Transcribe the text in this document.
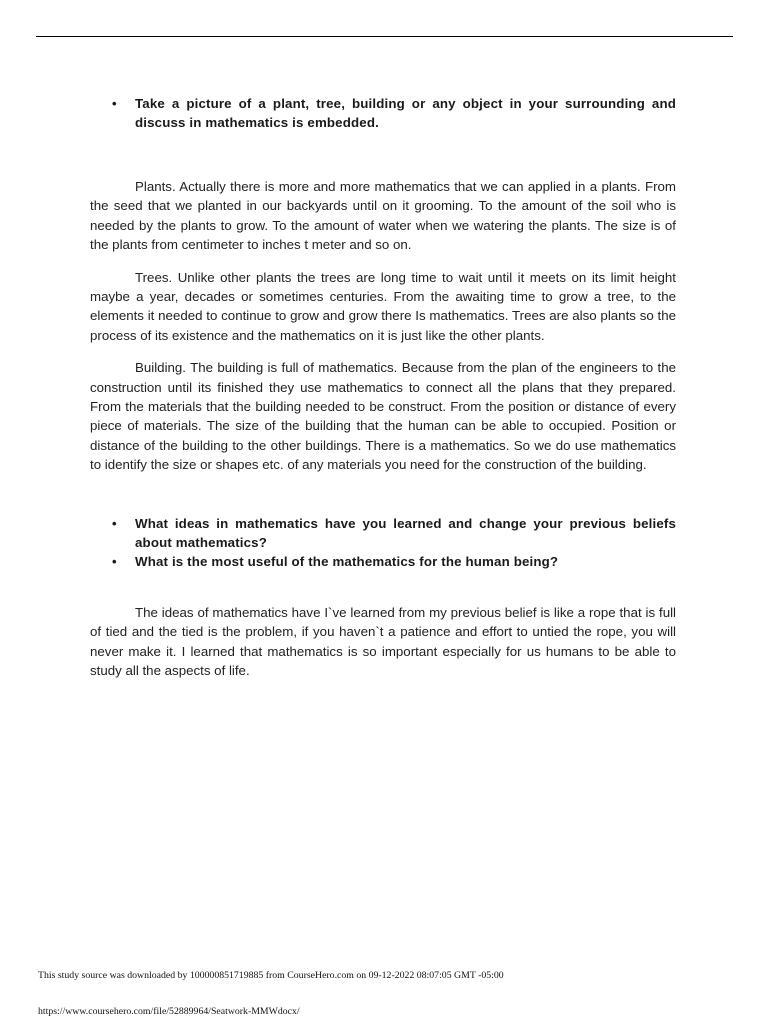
• Take a picture of a plant, tree, building or any object in your surrounding and discuss in mathematics is embedded.

Plants. Actually there is more and more mathematics that we can applied in a plants. From the seed that we planted in our backyards until on it grooming. To the amount of the soil who is needed by the plants to grow. To the amount of water when we watering the plants. The size is of the plants from centimeter to inches t meter and so on.

Trees. Unlike other plants the trees are long time to wait until it meets on its limit height maybe a year, decades or sometimes centuries. From the awaiting time to grow a tree, to the elements it needed to continue to grow and grow there Is mathematics. Trees are also plants so the process of its existence and the mathematics on it is just like the other plants.

Building. The building is full of mathematics. Because from the plan of the engineers to the construction until its finished they use mathematics to connect all the plans that they prepared. From the materials that the building needed to be construct. From the position or distance of every piece of materials. The size of the building that the human can be able to occupied. Position or distance of the building to the other buildings. There is a mathematics. So we do use mathematics to identify the size or shapes etc. of any materials you need for the construction of the building.

• What ideas in mathematics have you learned and change your previous beliefs about mathematics?
• What is the most useful of the mathematics for the human being?

The ideas of mathematics have I`ve learned from my previous belief is like a rope that is full of tied and the tied is the problem, if you haven`t a patience and effort to untied the rope, you will never make it. I learned that mathematics is so important especially for us humans to be able to study all the aspects of life.

This study source was downloaded by 100000851719885 from CourseHero.com on 09-12-2022 08:07:05 GMT -05:00
https://www.coursehero.com/file/52889964/Seatwork-MMWdocx/
